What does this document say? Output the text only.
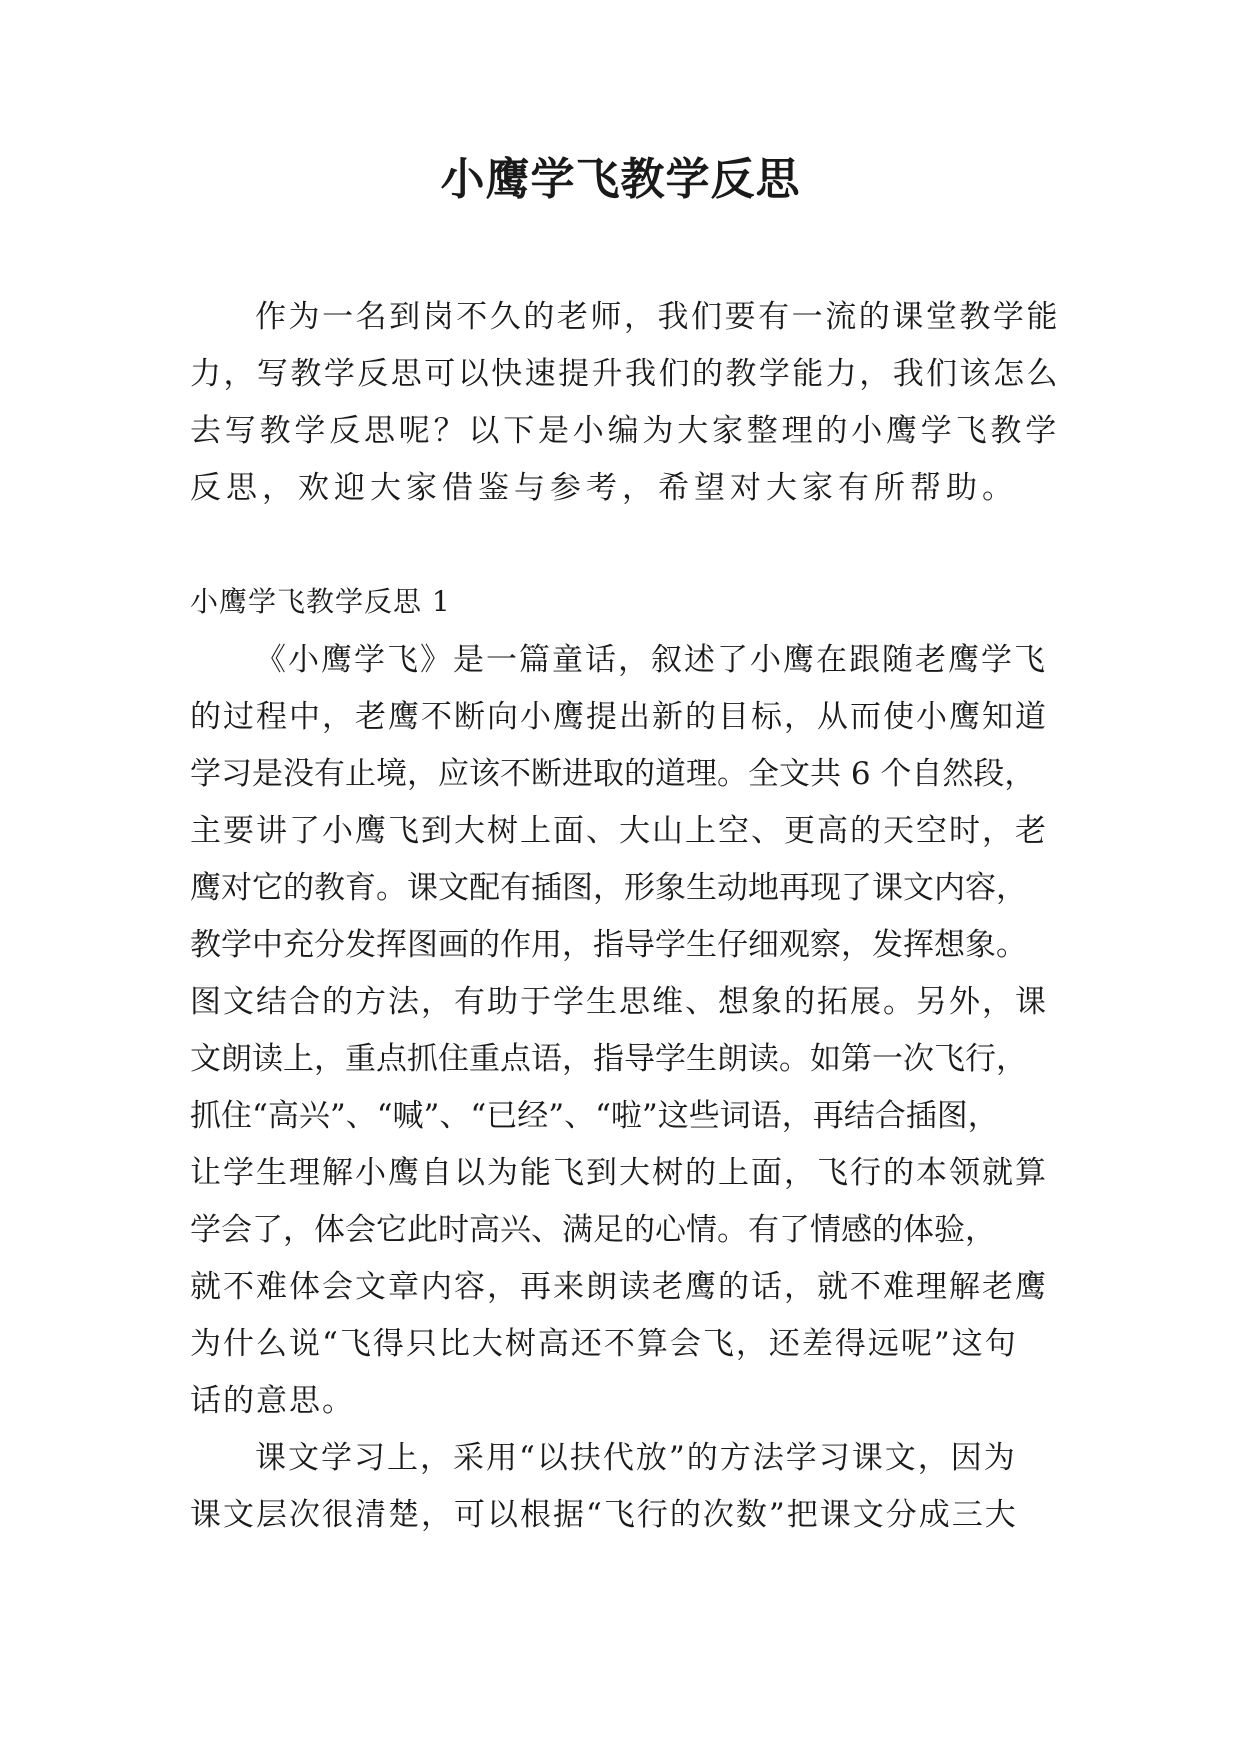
小鹰学飞教学反思
作为一名到岗不久的老师，我们要有一流的课堂教学能
力，写教学反思可以快速提升我们的教学能力，我们该怎么
去写教学反思呢？以下是小编为大家整理的小鹰学飞教学
反思，欢迎大家借鉴与参考，希望对大家有所帮助。
小鹰学飞教学反思 1
《小鹰学飞》是一篇童话，叙述了小鹰在跟随老鹰学飞
的过程中，老鹰不断向小鹰提出新的目标，从而使小鹰知道
学习是没有止境，应该不断进取的道理。全文共 6 个自然段，
主要讲了小鹰飞到大树上面、大山上空、更高的天空时，老
鹰对它的教育。课文配有插图，形象生动地再现了课文内容，
教学中充分发挥图画的作用，指导学生仔细观察，发挥想象。
图文结合的方法，有助于学生思维、想象的拓展。另外，课
文朗读上，重点抓住重点语，指导学生朗读。如第一次飞行，
抓住“高兴”、“喊”、“已经”、“啦”这些词语，再结合插图，
让学生理解小鹰自以为能飞到大树的上面，飞行的本领就算
学会了，体会它此时高兴、满足的心情。有了情感的体验，
就不难体会文章内容，再来朗读老鹰的话，就不难理解老鹰
为什么说“飞得只比大树高还不算会飞，还差得远呢”这句
话的意思。
课文学习上，采用“以扶代放”的方法学习课文，因为
课文层次很清楚，可以根据“飞行的次数”把课文分成三大
